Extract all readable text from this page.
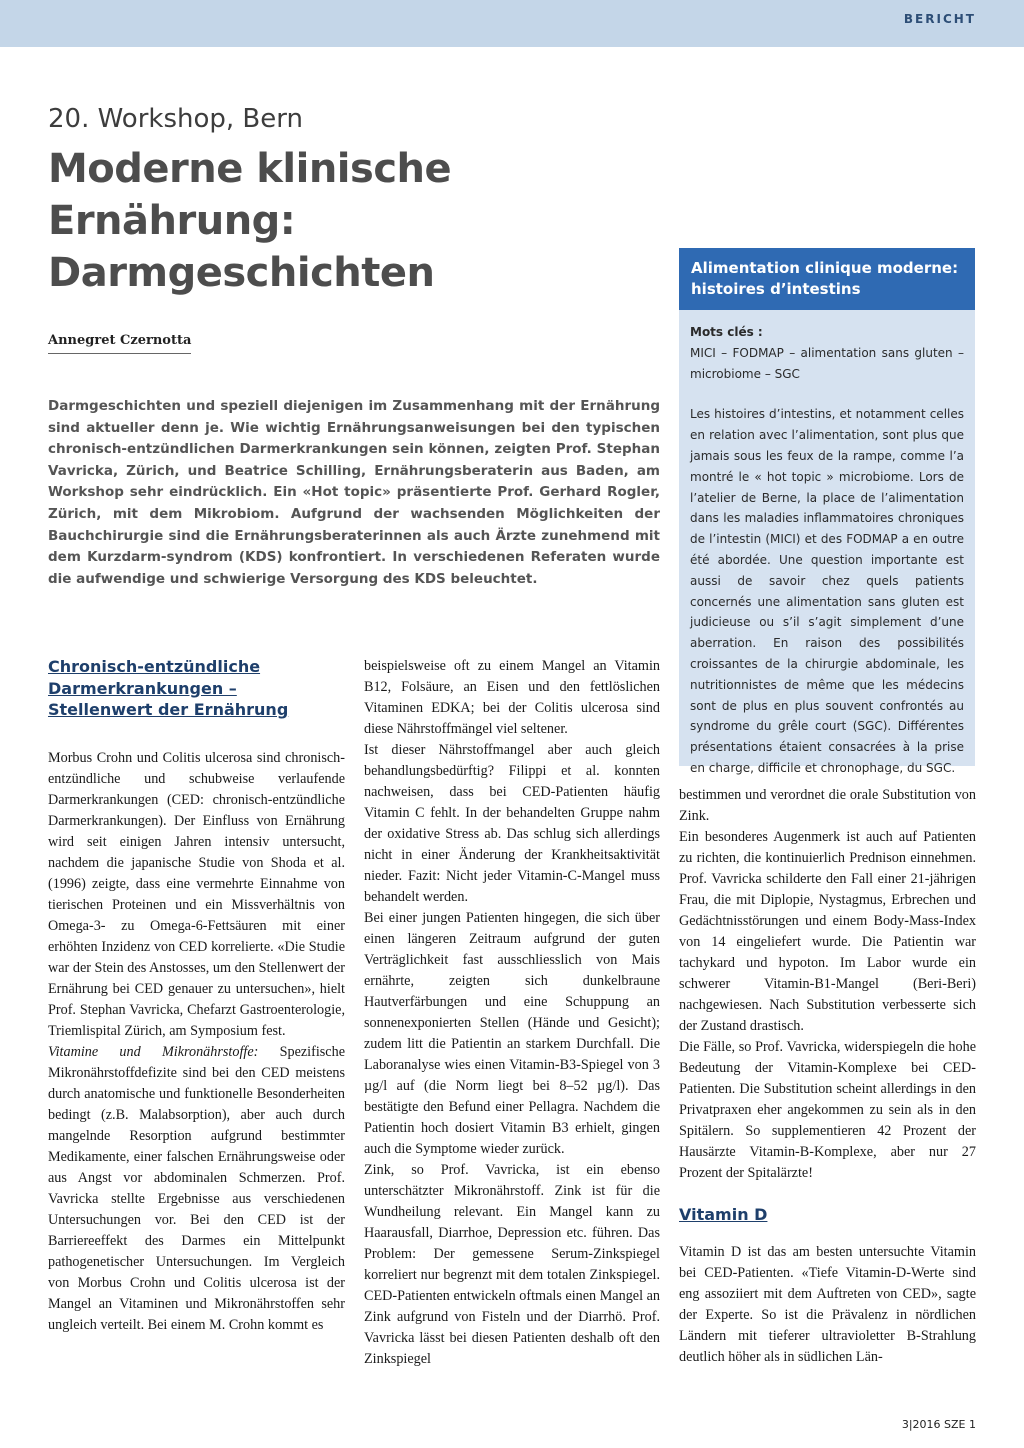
BERICHT
20. Workshop, Bern
Moderne klinische Ernährung: Darmgeschichten
Annegret Czernotta

Darmgeschichten und speziell diejenigen im Zusammenhang mit der Ernährung sind aktueller denn je. Wie wichtig Ernährungsanweisungen bei den typischen chronisch-entzündlichen Darmerkrankungen sein können, zeigten Prof. Stephan Vavricka, Zürich, und Beatrice Schilling, Ernährungsberaterin aus Baden, am Workshop sehr eindrücklich. Ein «Hot topic» präsentierte Prof. Gerhard Rogler, Zürich, mit dem Mikrobiom. Aufgrund der wachsenden Möglichkeiten der Bauchchirurgie sind die Ernährungsberaterinnen als auch Ärzte zunehmend mit dem Kurzdarm-syndrom (KDS) konfrontiert. In verschiedenen Referaten wurde die aufwendige und schwierige Versorgung des KDS beleuchtet.

Chronisch-entzündliche Darmerkrankungen – Stellenwert der Ernährung

Morbus Crohn und Colitis ulcerosa sind chronisch-entzündliche und schubweise verlaufende Darmerkrankungen (CED: chronisch-entzündliche Darmerkrankungen). Der Einfluss von Ernährung wird seit einigen Jahren intensiv untersucht, nachdem die japanische Studie von Shoda et al. (1996) zeigte, dass eine vermehrte Einnahme von tierischen Proteinen und ein Missverhältnis von Omega-3- zu Omega-6-Fettsäuren mit einer erhöhten Inzidenz von CED korrelierte. «Die Studie war der Stein des Anstosses, um den Stellenwert der Ernährung bei CED genauer zu untersuchen», hielt Prof. Stephan Vavricka, Chefarzt Gastroenterologie, Triemlispital Zürich, am Symposium fest.

Vitamine und Mikronährstoffe: Spezifische Mikronährstoffdefizite sind bei den CED meistens durch anatomische und funktionelle Besonderheiten bedingt (z.B. Malabsorption), aber auch durch mangelnde Resorption aufgrund bestimmter Medikamente, einer falschen Ernährungsweise oder aus Angst vor abdominalen Schmerzen. Prof. Vavricka stellte Ergebnisse aus verschiedenen Untersuchungen vor. Bei den CED ist der Barriereeffekt des Darmes ein Mittelpunkt pathogenetischer Untersuchungen. Im Vergleich von Morbus Crohn und Colitis ulcerosa ist der Mangel an Vitaminen und Mikronährstoffen sehr ungleich verteilt. Bei einem M. Crohn kommt es

beispielsweise oft zu einem Mangel an Vitamin B12, Folsäure, an Eisen und den fettlöslichen Vitaminen EDKA; bei der Colitis ulcerosa sind diese Nährstoffmängel viel seltener.

Ist dieser Nährstoffmangel aber auch gleich behandlungsbedürftig? Filippi et al. konnten nachweisen, dass bei CED-Patienten häufig Vitamin C fehlt. In der behandelten Gruppe nahm der oxidative Stress ab. Das schlug sich allerdings nicht in einer Änderung der Krankheitsaktivität nieder. Fazit: Nicht jeder Vitamin-C-Mangel muss behandelt werden.

Bei einer jungen Patienten hingegen, die sich über einen längeren Zeitraum aufgrund der guten Verträglichkeit fast ausschliesslich von Mais ernährte, zeigten sich dunkelbraune Hautverfärbungen und eine Schuppung an sonnenexponierten Stellen (Hände und Gesicht); zudem litt die Patientin an starkem Durchfall. Die Laboranalyse wies einen Vitamin-B3-Spiegel von 3 µg/l auf (die Norm liegt bei 8–52 µg/l). Das bestätigte den Befund einer Pellagra. Nachdem die Patientin hoch dosiert Vitamin B3 erhielt, gingen auch die Symptome wieder zurück.

Zink, so Prof. Vavricka, ist ein ebenso unterschätzter Mikronährstoff. Zink ist für die Wundheilung relevant. Ein Mangel kann zu Haarausfall, Diarrhoe, Depression etc. führen. Das Problem: Der gemessene Serum-Zinkspiegel korreliert nur begrenzt mit dem totalen Zinkspiegel. CED-Patienten entwickeln oftmals einen Mangel an Zink aufgrund von Fisteln und der Diarrhö. Prof. Vavricka lässt bei diesen Patienten deshalb oft den Zinkspiegel

Alimentation clinique moderne: histoires d’intestins

Mots clés :
MICI – FODMAP – alimentation sans gluten – microbiome – SGC

Les histoires d’intestins, et notamment celles en relation avec l’alimentation, sont plus que jamais sous les feux de la rampe, comme l’a montré le « hot topic » microbiome. Lors de l’atelier de Berne, la place de l’alimentation dans les maladies inflammatoires chroniques de l’intestin (MICI) et des FODMAP a en outre été abordée. Une question importante est aussi de savoir chez quels patients concernés une alimentation sans gluten est judicieuse ou s’il s’agit simplement d’une aberration. En raison des possibilités croissantes de la chirurgie abdominale, les nutritionnistes de même que les médecins sont de plus en plus souvent confrontés au syndrome du grêle court (SGC). Différentes présentations étaient consacrées à la prise en charge, difficile et chronophage, du SGC.

bestimmen und verordnet die orale Substitution von Zink.

Ein besonderes Augenmerk ist auch auf Patienten zu richten, die kontinuierlich Prednison einnehmen. Prof. Vavricka schilderte den Fall einer 21-jährigen Frau, die mit Diplopie, Nystagmus, Erbrechen und Gedächtnisstörungen und einem Body-Mass-Index von 14 eingeliefert wurde. Die Patientin war tachykard und hypoton. Im Labor wurde ein schwerer Vitamin-B1-Mangel (Beri-Beri) nachgewiesen. Nach Substitution verbesserte sich der Zustand drastisch.

Die Fälle, so Prof. Vavricka, widerspiegeln die hohe Bedeutung der Vitamin-Komplexe bei CED-Patienten. Die Substitution scheint allerdings in den Privatpraxen eher angekommen zu sein als in den Spitälern. So supplementieren 42 Prozent der Hausärzte Vitamin-B-Komplexe, aber nur 27 Prozent der Spitalärzte!

Vitamin D

Vitamin D ist das am besten untersuchte Vitamin bei CED-Patienten. «Tiefe Vitamin-D-Werte sind eng assoziiert mit dem Auftreten von CED», sagte der Experte. So ist die Prävalenz in nördlichen Ländern mit tieferer ultravioletter B-Strahlung deutlich höher als in südlichen Län-

3|2016 SZE 1
